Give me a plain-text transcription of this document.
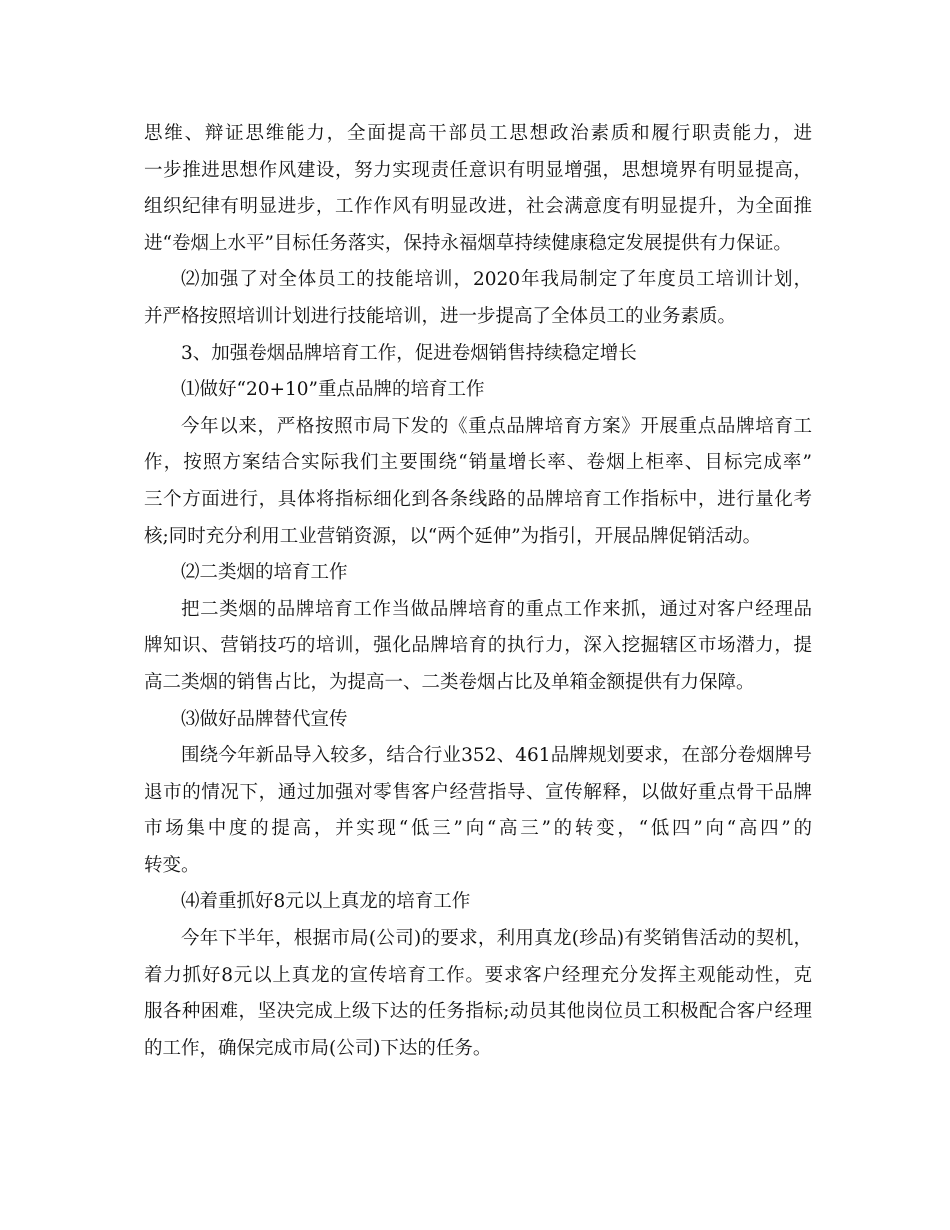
思维、辩证思维能力，全面提高干部员工思想政治素质和履行职责能力，进
一步推进思想作风建设，努力实现责任意识有明显增强，思想境界有明显提高，
组织纪律有明显进步，工作作风有明显改进，社会满意度有明显提升，为全面推
进“卷烟上水平”目标任务落实，保持永福烟草持续健康稳定发展提供有力保证。
⑵加强了对全体员工的技能培训，2020年我局制定了年度员工培训计划，
并严格按照培训计划进行技能培训，进一步提高了全体员工的业务素质。
3、加强卷烟品牌培育工作，促进卷烟销售持续稳定增长
⑴做好“20+10”重点品牌的培育工作
今年以来，严格按照市局下发的《重点品牌培育方案》开展重点品牌培育工
作，按照方案结合实际我们主要围绕“销量增长率、卷烟上柜率、目标完成率”
三个方面进行，具体将指标细化到各条线路的品牌培育工作指标中，进行量化考
核;同时充分利用工业营销资源，以“两个延伸”为指引，开展品牌促销活动。
⑵二类烟的培育工作
把二类烟的品牌培育工作当做品牌培育的重点工作来抓，通过对客户经理品
牌知识、营销技巧的培训，强化品牌培育的执行力，深入挖掘辖区市场潜力，提
高二类烟的销售占比，为提高一、二类卷烟占比及单箱金额提供有力保障。
⑶做好品牌替代宣传
围绕今年新品导入较多，结合行业352、461品牌规划要求，在部分卷烟牌号
退市的情况下，通过加强对零售客户经营指导、宣传解释，以做好重点骨干品牌
市场集中度的提高，并实现“低三”向“高三”的转变，“低四”向“高四”的
转变。
⑷着重抓好8元以上真龙的培育工作
今年下半年，根据市局(公司)的要求，利用真龙(珍品)有奖销售活动的契机，
着力抓好8元以上真龙的宣传培育工作。要求客户经理充分发挥主观能动性，克
服各种困难，坚决完成上级下达的任务指标;动员其他岗位员工积极配合客户经理
的工作，确保完成市局(公司)下达的任务。
